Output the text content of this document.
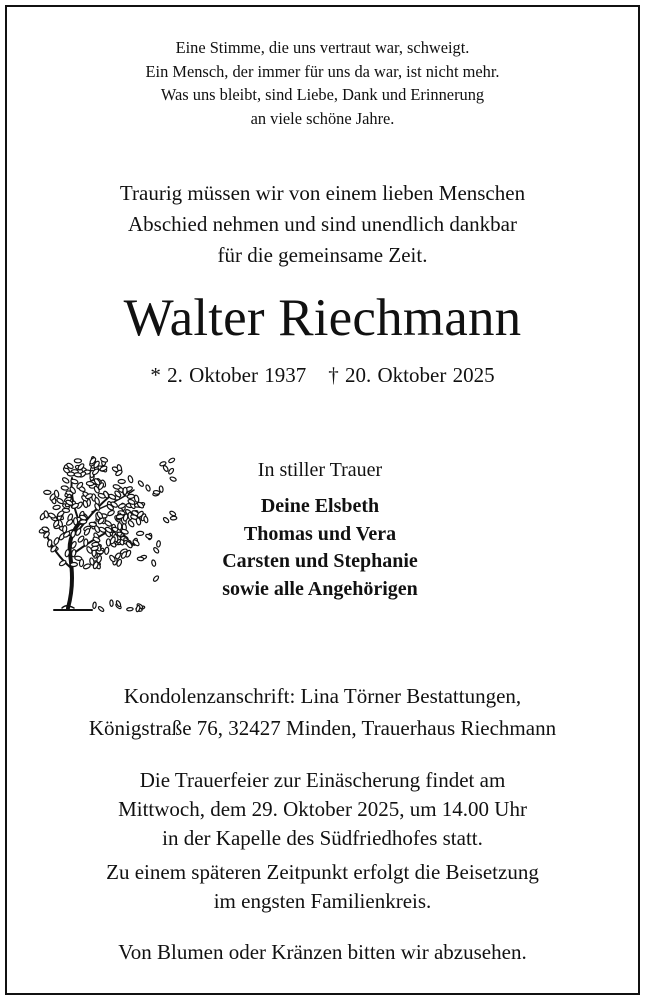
Eine Stimme, die uns vertraut war, schweigt.
Ein Mensch, der immer für uns da war, ist nicht mehr.
Was uns bleibt, sind Liebe, Dank und Erinnerung
an viele schöne Jahre.
Traurig müssen wir von einem lieben Menschen
Abschied nehmen und sind unendlich dankbar
für die gemeinsame Zeit.
Walter Riechmann
* 2. Oktober 1937 † 20. Oktober 2025
In stiller Trauer
Deine Elsbeth
Thomas und Vera
Carsten und Stephanie
sowie alle Angehörigen
Kondolenzanschrift: Lina Törner Bestattungen,
Königstraße 76, 32427 Minden, Trauerhaus Riechmann
Die Trauerfeier zur Einäscherung findet am
Mittwoch, dem 29. Oktober 2025, um 14.00 Uhr
in der Kapelle des Südfriedhofes statt.
Zu einem späteren Zeitpunkt erfolgt die Beisetzung
im engsten Familienkreis.
Von Blumen oder Kränzen bitten wir abzusehen.
